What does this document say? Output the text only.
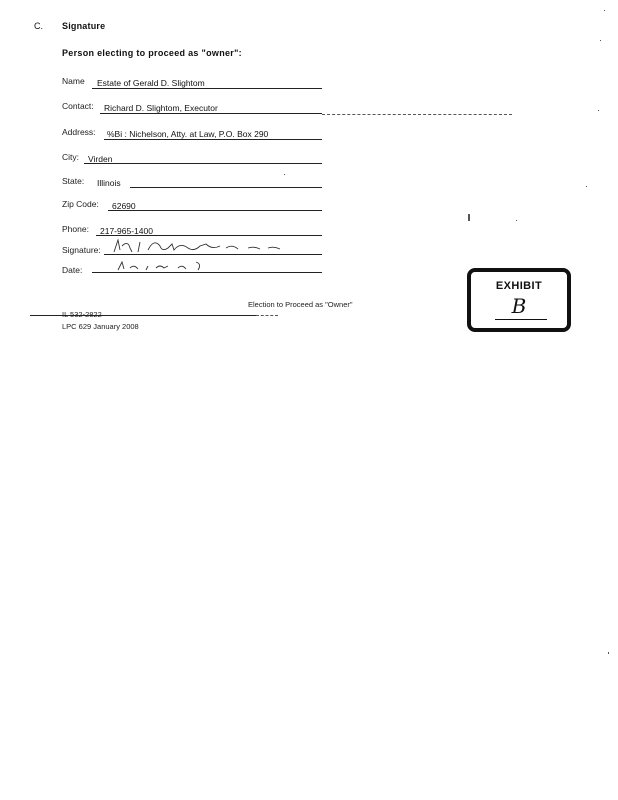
C. Signature
Person electing to proceed as "owner":
Name Estate of Gerald D. Slightom
Contact: Richard D. Slightom, Executor
Address: %Bi : Nichelson, Atty. at Law, P.O. Box 290
City: Virden
State: Illinois
Zip Code: 62690
Phone: 217-965-1400
Signature:
Date:
Election to Proceed as "Owner"
IL 532-2822
LPC 629 January 2008
EXHIBIT
B
